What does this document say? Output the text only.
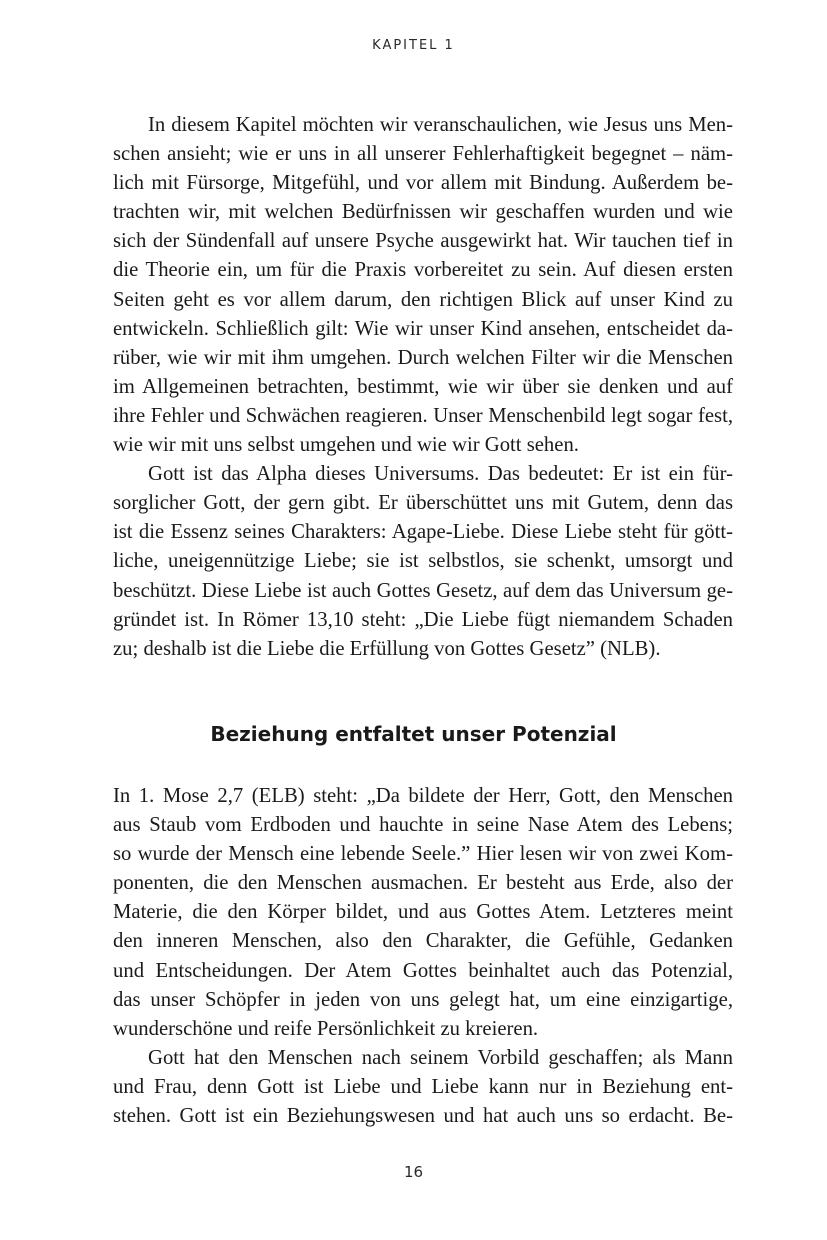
KAPITEL 1
In diesem Kapitel möchten wir veranschaulichen, wie Jesus uns Men-
schen ansieht; wie er uns in all unserer Fehlerhaftigkeit begegnet – näm-
lich mit Fürsorge, Mitgefühl, und vor allem mit Bindung. Außerdem be-
trachten wir, mit welchen Bedürfnissen wir geschaffen wurden und wie
sich der Sündenfall auf unsere Psyche ausgewirkt hat. Wir tauchen tief in
die Theorie ein, um für die Praxis vorbereitet zu sein. Auf diesen ersten
Seiten geht es vor allem darum, den richtigen Blick auf unser Kind zu
entwickeln. Schließlich gilt: Wie wir unser Kind ansehen, entscheidet da-
rüber, wie wir mit ihm umgehen. Durch welchen Filter wir die Menschen
im Allgemeinen betrachten, bestimmt, wie wir über sie denken und auf
ihre Fehler und Schwächen reagieren. Unser Menschenbild legt sogar fest,
wie wir mit uns selbst umgehen und wie wir Gott sehen.
Gott ist das Alpha dieses Universums. Das bedeutet: Er ist ein für-
sorglicher Gott, der gern gibt. Er überschüttet uns mit Gutem, denn das
ist die Essenz seines Charakters: Agape-Liebe. Diese Liebe steht für gött-
liche, uneigennützige Liebe; sie ist selbstlos, sie schenkt, umsorgt und
beschützt. Diese Liebe ist auch Gottes Gesetz, auf dem das Universum ge-
gründet ist. In Römer 13,10 steht: „Die Liebe fügt niemandem Schaden
zu; deshalb ist die Liebe die Erfüllung von Gottes Gesetz” (NLB).
Beziehung entfaltet unser Potenzial
In 1. Mose 2,7 (ELB) steht: „Da bildete der Herr, Gott, den Menschen
aus Staub vom Erdboden und hauchte in seine Nase Atem des Lebens;
so wurde der Mensch eine lebende Seele.” Hier lesen wir von zwei Kom-
ponenten, die den Menschen ausmachen. Er besteht aus Erde, also der
Materie, die den Körper bildet, und aus Gottes Atem. Letzteres meint
den inneren Menschen, also den Charakter, die Gefühle, Gedanken
und Entscheidungen. Der Atem Gottes beinhaltet auch das Potenzial,
das unser Schöpfer in jeden von uns gelegt hat, um eine einzigartige,
wunderschöne und reife Persönlichkeit zu kreieren.
Gott hat den Menschen nach seinem Vorbild geschaffen; als Mann
und Frau, denn Gott ist Liebe und Liebe kann nur in Beziehung ent-
stehen. Gott ist ein Beziehungswesen und hat auch uns so erdacht. Be-
16
